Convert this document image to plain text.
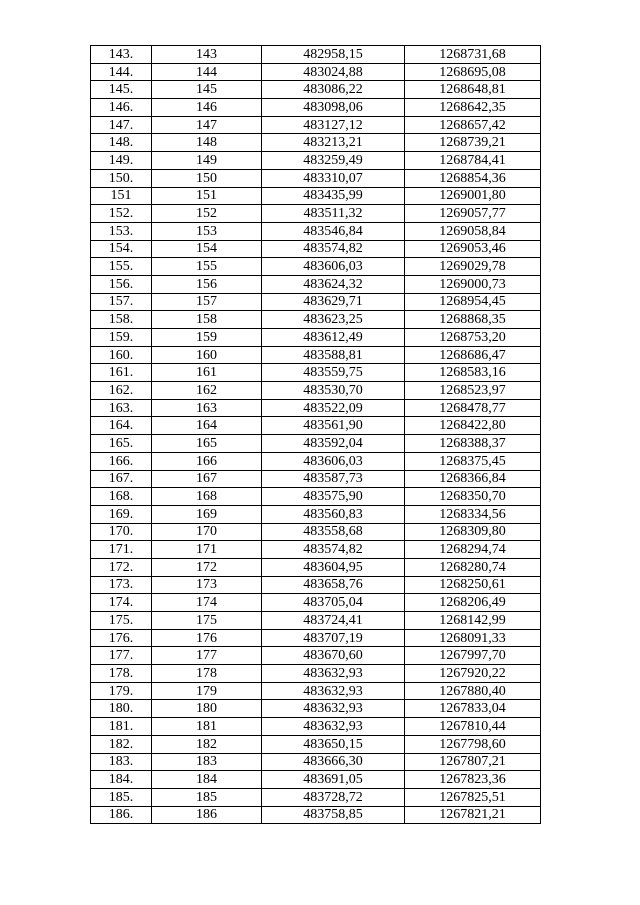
143.	143	482958,15	1268731,68
144.	144	483024,88	1268695,08
145.	145	483086,22	1268648,81
146.	146	483098,06	1268642,35
147.	147	483127,12	1268657,42
148.	148	483213,21	1268739,21
149.	149	483259,49	1268784,41
150.	150	483310,07	1268854,36
151	151	483435,99	1269001,80
152.	152	483511,32	1269057,77
153.	153	483546,84	1269058,84
154.	154	483574,82	1269053,46
155.	155	483606,03	1269029,78
156.	156	483624,32	1269000,73
157.	157	483629,71	1268954,45
158.	158	483623,25	1268868,35
159.	159	483612,49	1268753,20
160.	160	483588,81	1268686,47
161.	161	483559,75	1268583,16
162.	162	483530,70	1268523,97
163.	163	483522,09	1268478,77
164.	164	483561,90	1268422,80
165.	165	483592,04	1268388,37
166.	166	483606,03	1268375,45
167.	167	483587,73	1268366,84
168.	168	483575,90	1268350,70
169.	169	483560,83	1268334,56
170.	170	483558,68	1268309,80
171.	171	483574,82	1268294,74
172.	172	483604,95	1268280,74
173.	173	483658,76	1268250,61
174.	174	483705,04	1268206,49
175.	175	483724,41	1268142,99
176.	176	483707,19	1268091,33
177.	177	483670,60	1267997,70
178.	178	483632,93	1267920,22
179.	179	483632,93	1267880,40
180.	180	483632,93	1267833,04
181.	181	483632,93	1267810,44
182.	182	483650,15	1267798,60
183.	183	483666,30	1267807,21
184.	184	483691,05	1267823,36
185.	185	483728,72	1267825,51
186.	186	483758,85	1267821,21
